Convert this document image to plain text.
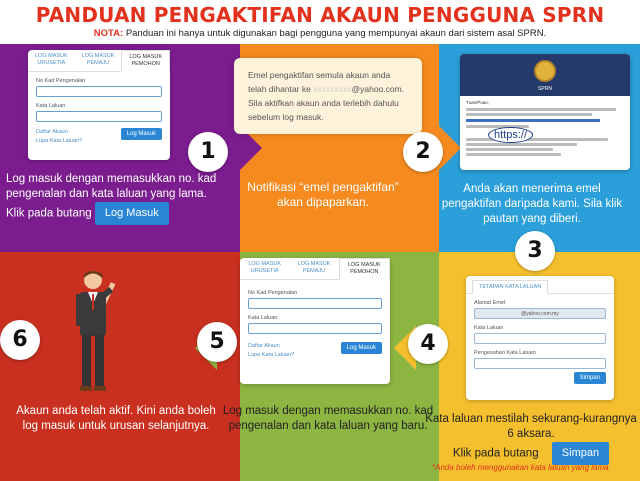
PANDUAN PENGAKTIFAN AKAUN PENGGUNA SPRN
NOTA: Panduan ini hanya untuk digunakan bagi pengguna yang mempunyai akaun dari sistem asal SPRN.
LOG MASUK URUSETIA
LOG MASUK PEMAJU
LOG MASUK PEMOHON
No Kad Pengenalan
Kata Laluan
Daftar Akaun
Lupa Kata Laluan?
Log Masuk
1
Log masuk dengan memasukkan no. kad pengenalan dan kata laluan yang lama.
Klik pada butang Log Masuk
Emel pengaktifan semula akaun anda
telah dihantar ke xxxxxxxxx@yahoo.com.
Sila aktifkan akaun anda terlebih dahulu
sebelum log masuk.
2
Notifikasi “emel pengaktifan” akan dipaparkan.
SPRN
Tuan/Puan,
https://
Anda akan menerima emel pengaktifan daripada kami. Sila klik pautan yang diberi.
3
6
Akaun anda telah aktif. Kini anda boleh log masuk untuk urusan selanjutnya.
LOG MASUK URUSETIA
LOG MASUK PEMAJU
LOG MASUK PEMOHON
No Kad Pengenalan
Kata Laluan
Daftar Akaun
Lupa Kata Laluan?
Log Masuk
5
Log masuk dengan memasukkan no. kad pengenalan dan kata laluan yang baru.
TETAPAN KATA LALUAN
Alamat Emel
@yahoo.com.my
Kata Laluan
Pengesahan Kata Laluan
Simpan
4
Kata laluan mestilah sekurang-kurangnya 6 aksara.
Klik pada butang Simpan
*Anda boleh menggunakan kata laluan yang lama
